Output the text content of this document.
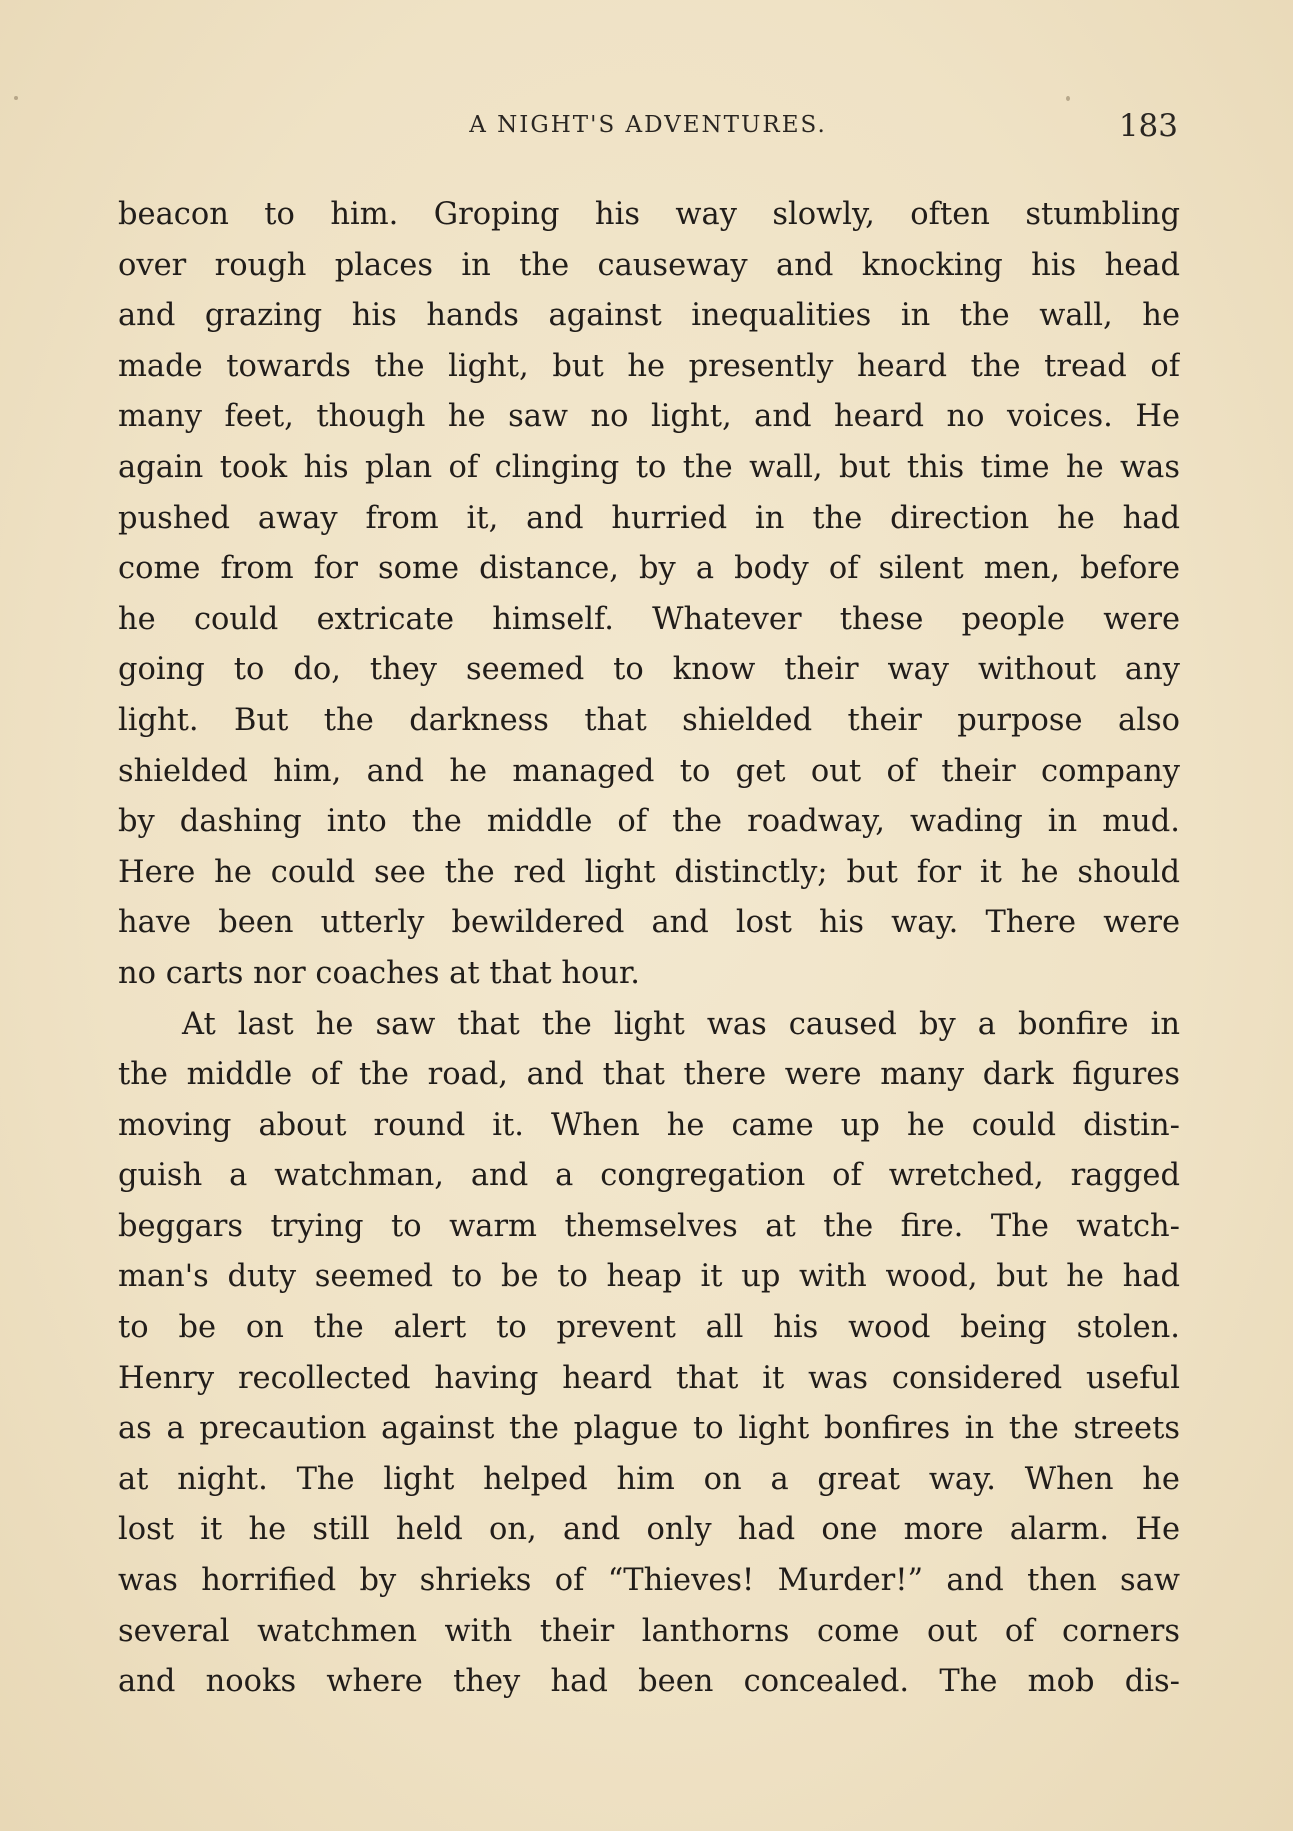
A NIGHT'S ADVENTURES.	183
beacon to him. Groping his way slowly, often stumbling
over rough places in the causeway and knocking his head
and grazing his hands against inequalities in the wall, he
made towards the light, but he presently heard the tread of
many feet, though he saw no light, and heard no voices. He
again took his plan of clinging to the wall, but this time he was
pushed away from it, and hurried in the direction he had
come from for some distance, by a body of silent men, before
he could extricate himself. Whatever these people were
going to do, they seemed to know their way without any
light. But the darkness that shielded their purpose also
shielded him, and he managed to get out of their company
by dashing into the middle of the roadway, wading in mud.
Here he could see the red light distinctly; but for it he should
have been utterly bewildered and lost his way. There were
no carts nor coaches at that hour.
At last he saw that the light was caused by a bonfire in
the middle of the road, and that there were many dark figures
moving about round it. When he came up he could distin-
guish a watchman, and a congregation of wretched, ragged
beggars trying to warm themselves at the fire. The watch-
man's duty seemed to be to heap it up with wood, but he had
to be on the alert to prevent all his wood being stolen.
Henry recollected having heard that it was considered useful
as a precaution against the plague to light bonfires in the streets
at night. The light helped him on a great way. When he
lost it he still held on, and only had one more alarm. He
was horrified by shrieks of “Thieves! Murder!” and then saw
several watchmen with their lanthorns come out of corners
and nooks where they had been concealed. The mob dis-
